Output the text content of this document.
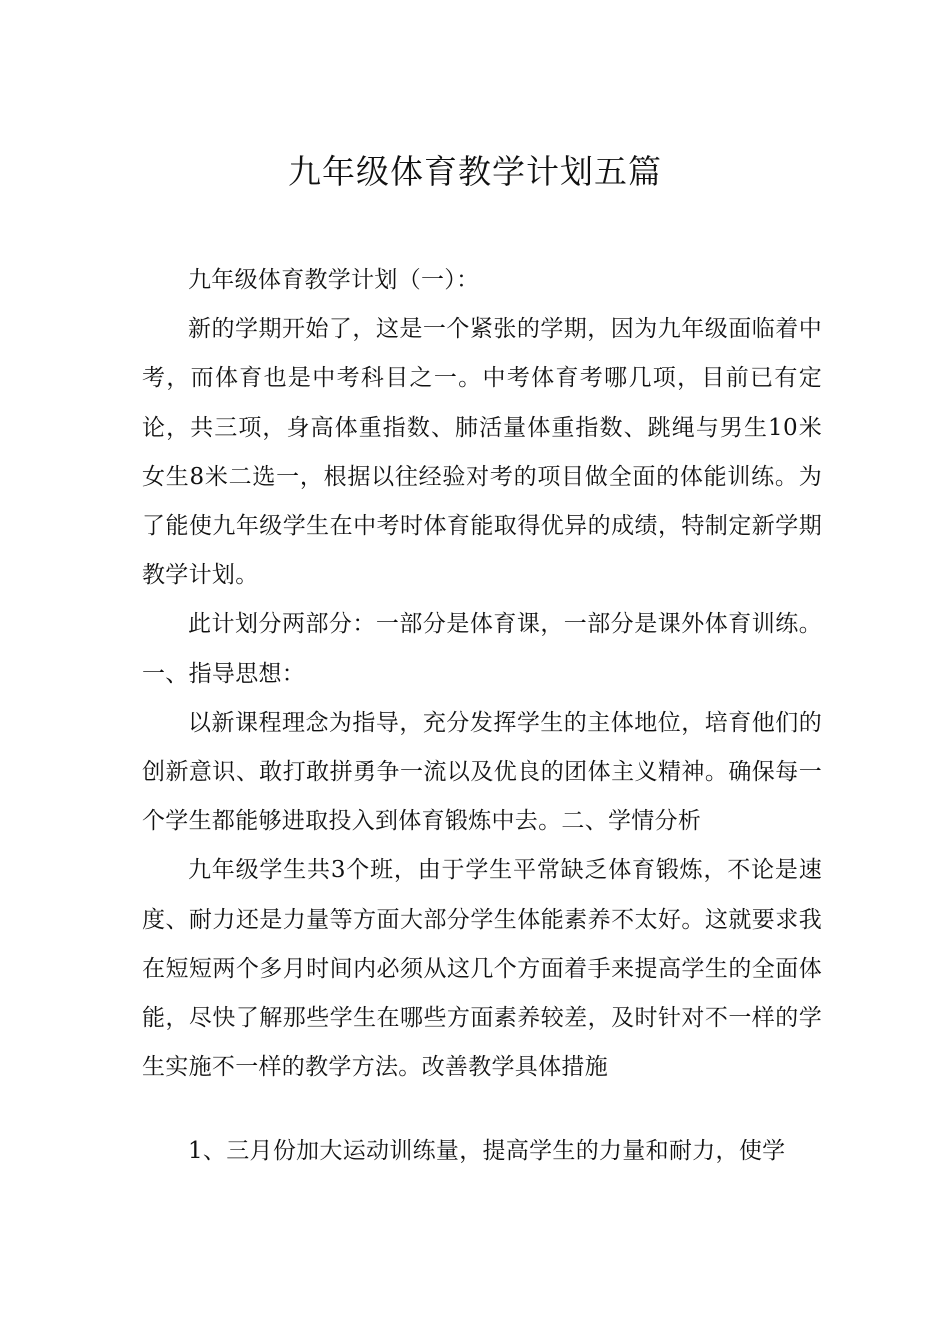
九年级体育教学计划五篇

九年级体育教学计划（一）：

新的学期开始了，这是一个紧张的学期，因为九年级面临着中考，而体育也是中考科目之一。中考体育考哪几项，目前已有定论，共三项，身高体重指数、肺活量体重指数、跳绳与男生10米女生8米二选一，根据以往经验对考的项目做全面的体能训练。为了能使九年级学生在中考时体育能取得优异的成绩，特制定新学期教学计划。

此计划分两部分：一部分是体育课，一部分是课外体育训练。一、指导思想：

以新课程理念为指导，充分发挥学生的主体地位，培育他们的创新意识、敢打敢拼勇争一流以及优良的团体主义精神。确保每一个学生都能够进取投入到体育锻炼中去。二、学情分析

九年级学生共3个班，由于学生平常缺乏体育锻炼，不论是速度、耐力还是力量等方面大部分学生体能素养不太好。这就要求我在短短两个多月时间内必须从这几个方面着手来提高学生的全面体能，尽快了解那些学生在哪些方面素养较差，及时针对不一样的学生实施不一样的教学方法。改善教学具体措施

1、三月份加大运动训练量，提高学生的力量和耐力，使学
